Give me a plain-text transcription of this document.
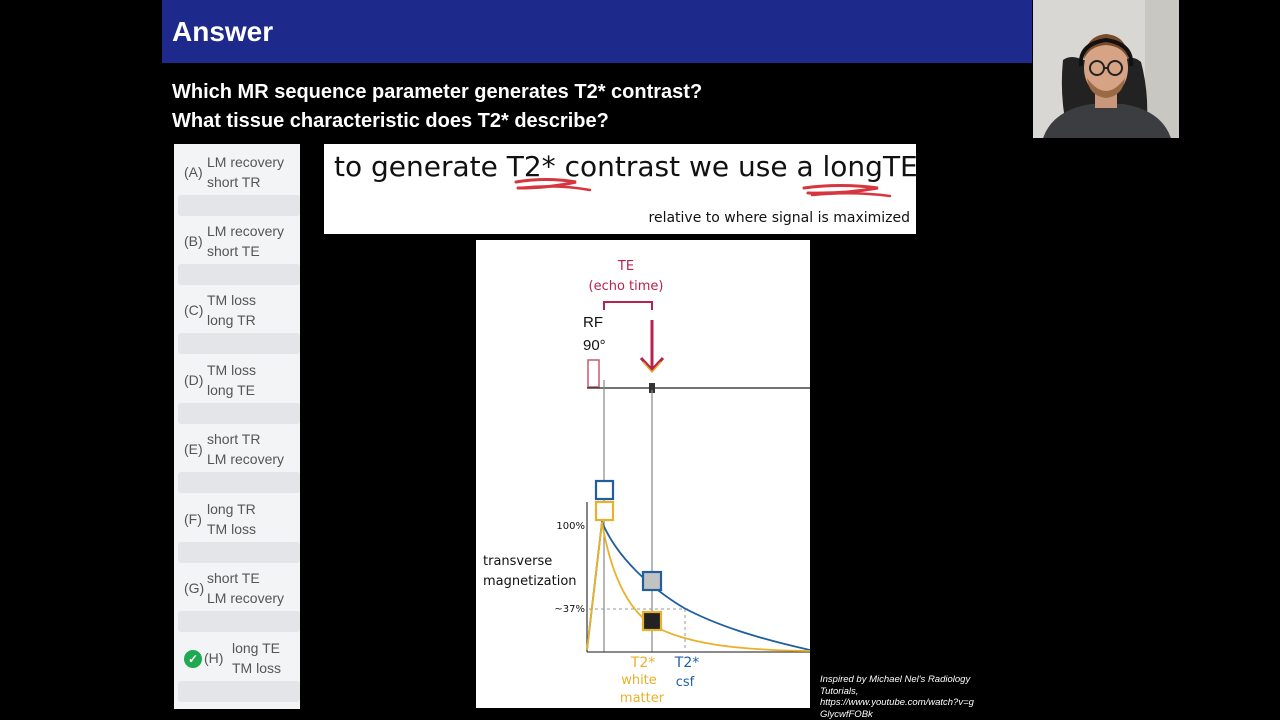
Answer
Which MR sequence parameter generates T2* contrast?
What tissue characteristic does T2* describe?
(A)
LM recovery
short TR
(B)
LM recovery
short TE
(C)
TM loss
long TR
(D)
TM loss
long TE
(E)
short TR
LM recovery
(F)
long TR
TM loss
(G)
short TE
LM recovery
✓ (H)
long TE
TM loss
to generate T2* contrast we use a longTE
relative to where signal is maximized
TE
(echo time)
RF
90°
100%
~37%
transverse
magnetization
T2*
white
matter
T2*
csf	Inspired by Michael Nel's Radiology
Tutorials,
https://www.youtube.com/watch?v=g
GlycwfFOBk
